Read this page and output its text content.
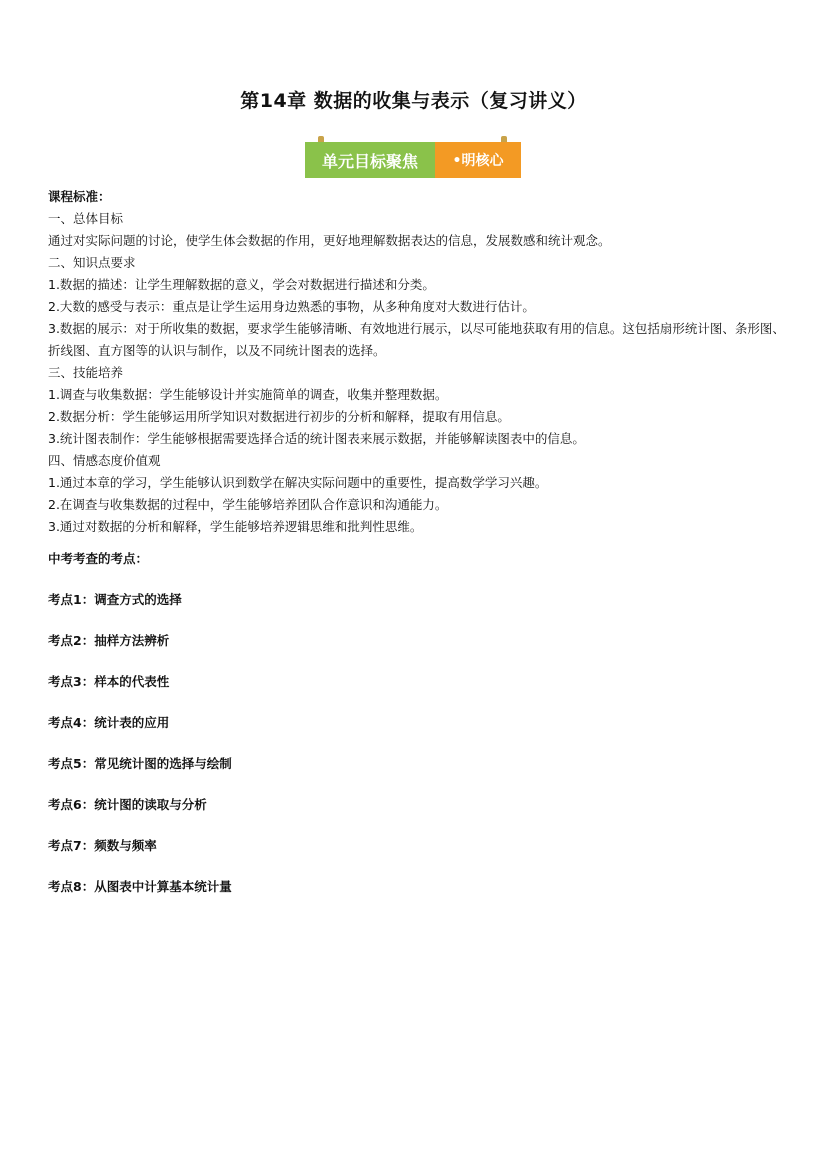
第14章 数据的收集与表示（复习讲义）
单元目标聚焦	•明核心
课程标准：
一、总体目标
通过对实际问题的讨论，使学生体会数据的作用，更好地理解数据表达的信息，发展数感和统计观念。
二、知识点要求
1.数据的描述：让学生理解数据的意义，学会对数据进行描述和分类。
2.大数的感受与表示：重点是让学生运用身边熟悉的事物，从多种角度对大数进行估计。
3.数据的展示：对于所收集的数据，要求学生能够清晰、有效地进行展示，以尽可能地获取有用的信息。这包括扇形统计图、条形图、折线图、直方图等的认识与制作，以及不同统计图表的选择。
三、技能培养
1.调查与收集数据：学生能够设计并实施简单的调查，收集并整理数据。
2.数据分析：学生能够运用所学知识对数据进行初步的分析和解释，提取有用信息。
3.统计图表制作：学生能够根据需要选择合适的统计图表来展示数据，并能够解读图表中的信息。
四、情感态度价值观
1.通过本章的学习，学生能够认识到数学在解决实际问题中的重要性，提高数学学习兴趣。
2.在调查与收集数据的过程中，学生能够培养团队合作意识和沟通能力。
3.通过对数据的分析和解释，学生能够培养逻辑思维和批判性思维。
中考考查的考点：
考点1：调查方式的选择
考点2：抽样方法辨析
考点3：样本的代表性
考点4：统计表的应用
考点5：常见统计图的选择与绘制
考点6：统计图的读取与分析
考点7：频数与频率
考点8：从图表中计算基本统计量
